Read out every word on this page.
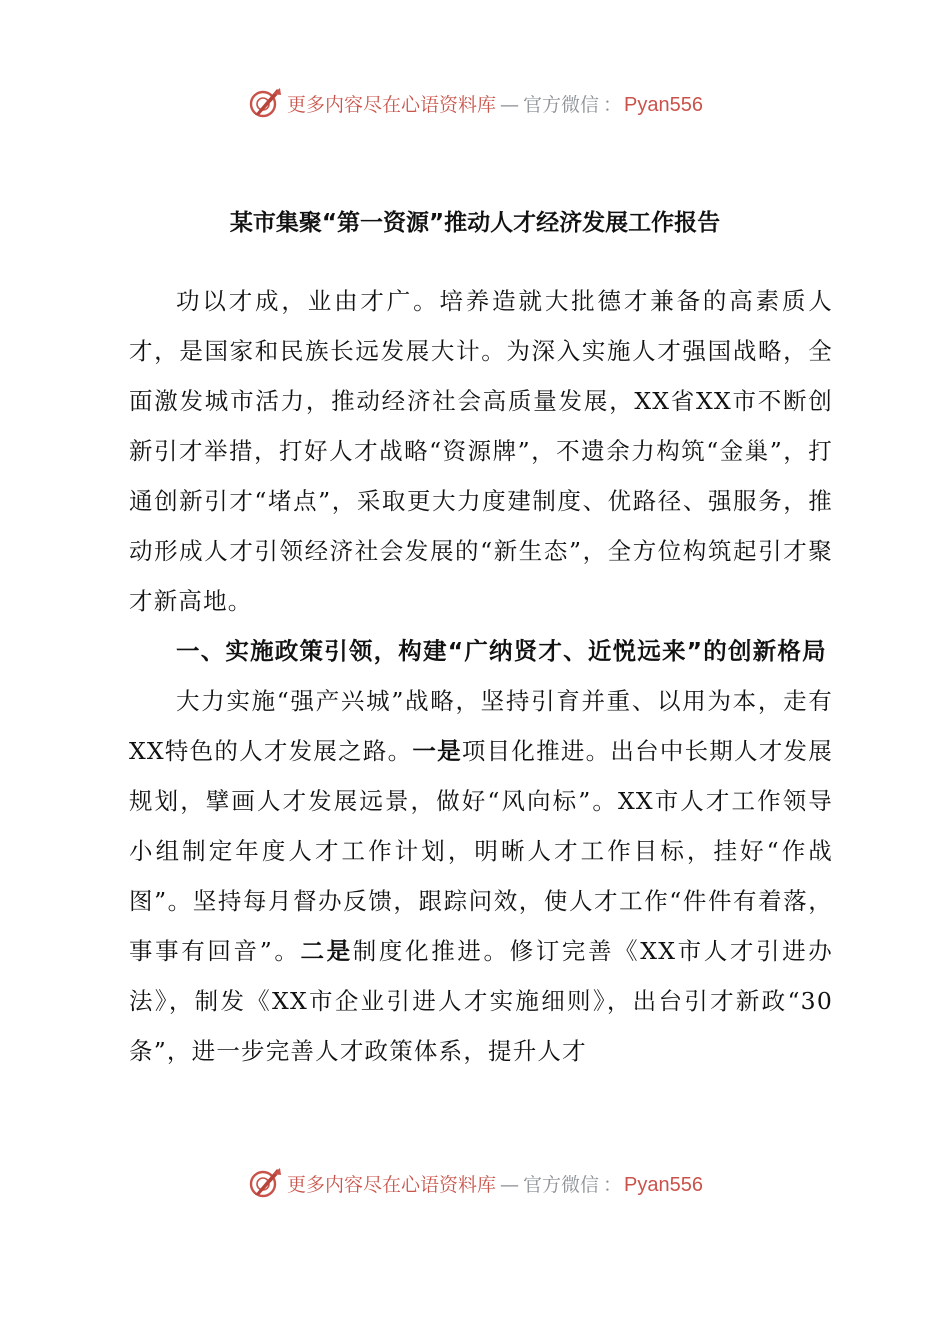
更多内容尽在心语资料库 — 官方微信 ： Pyan556
某市集聚“第一资源”推动人才经济发展工作报告

功以才成，业由才广。培养造就大批德才兼备的高素质人才，是国家和民族长远发展大计。为深入实施人才强国战略，全面激发城市活力，推动经济社会高质量发展，XX省XX市不断创新引才举措，打好人才战略“资源牌”，不遗余力构筑“金巢”，打通创新引才“堵点”，采取更大力度建制度、优路径、强服务，推动形成人才引领经济社会发展的“新生态”，全方位构筑起引才聚才新高地。

一、实施政策引领，构建“广纳贤才、近悦远来”的创新格局

大力实施“强产兴城”战略，坚持引育并重、以用为本，走有XX特色的人才发展之路。一是项目化推进。出台中长期人才发展规划，擘画人才发展远景，做好“风向标”。XX市人才工作领导小组制定年度人才工作计划，明晰人才工作目标，挂好“作战图”。坚持每月督办反馈，跟踪问效，使人才工作“件件有着落，事事有回音”。二是制度化推进。修订完善《XX市人才引进办法》，制发《XX市企业引进人才实施细则》，出台引才新政“30条”，进一步完善人才政策体系，提升人才

更多内容尽在心语资料库 — 官方微信 ： Pyan556
